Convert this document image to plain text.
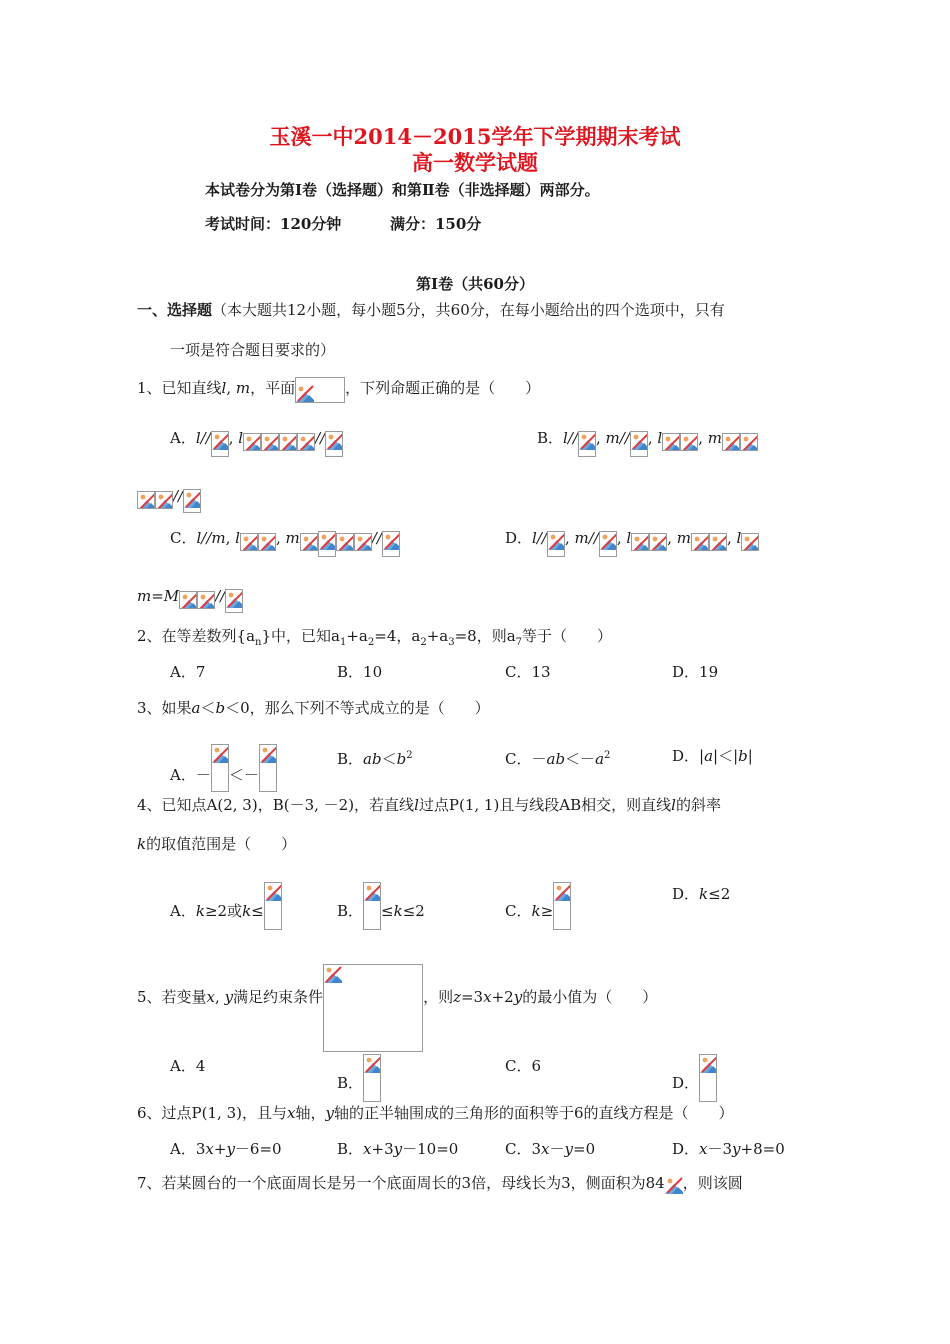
玉溪一中2014－2015学年下学期期末考试
高一数学试题
本试卷分为第Ⅰ卷（选择题）和第Ⅱ卷（非选择题）两部分。
考试时间：120分钟	满分：150分
第Ⅰ卷（共60分）
一、选择题（本大题共12小题，每小题5分，共60分，在每小题给出的四个选项中，只有
一项是符合题目要求的）
1、已知直线l, m，平面	，下列命题正确的是（　　）
A．l// , l	//	B．l// , m// , l , m
//
C．l//m, l , m	//	D．l// , m// , l , m , l
m=M //
2、在等差数列$\{a_n\}$中，已知$a_1+a_2=4$，$a_2+a_3=8$，则$a_7$等于（　　）
A．7	B．10	C．13	D．19
3、如果a＜b＜0，那么下列不等式成立的是（　　）
A．－ ＜－
B．$ab<b^2$	C．$-ab<-a^2$	D．|a|＜|b|
4、已知点A(2, 3)，B(－3, －2)，若直线l过点P(1, 1)且与线段AB相交，则直线l的斜率
k的取值范围是（　　）
A．k≥2或k≤	B． ≤k≤2	C．k≥
D．k≤2
5、若变量x, y满足约束条件	，则z=3x+2y的最小值为（　　）
A．4
B．
C．6
D．
6、过点P(1, 3)，且与x轴，y轴的正半轴围成的三角形的面积等于6的直线方程是（　　）
A．3x+y－6=0	B．x+3y－10=0	C．3x－y=0	D．x－3y+8=0
7、若某圆台的一个底面周长是另一个底面周长的3倍，母线长为3，侧面积为84 ，则该圆
